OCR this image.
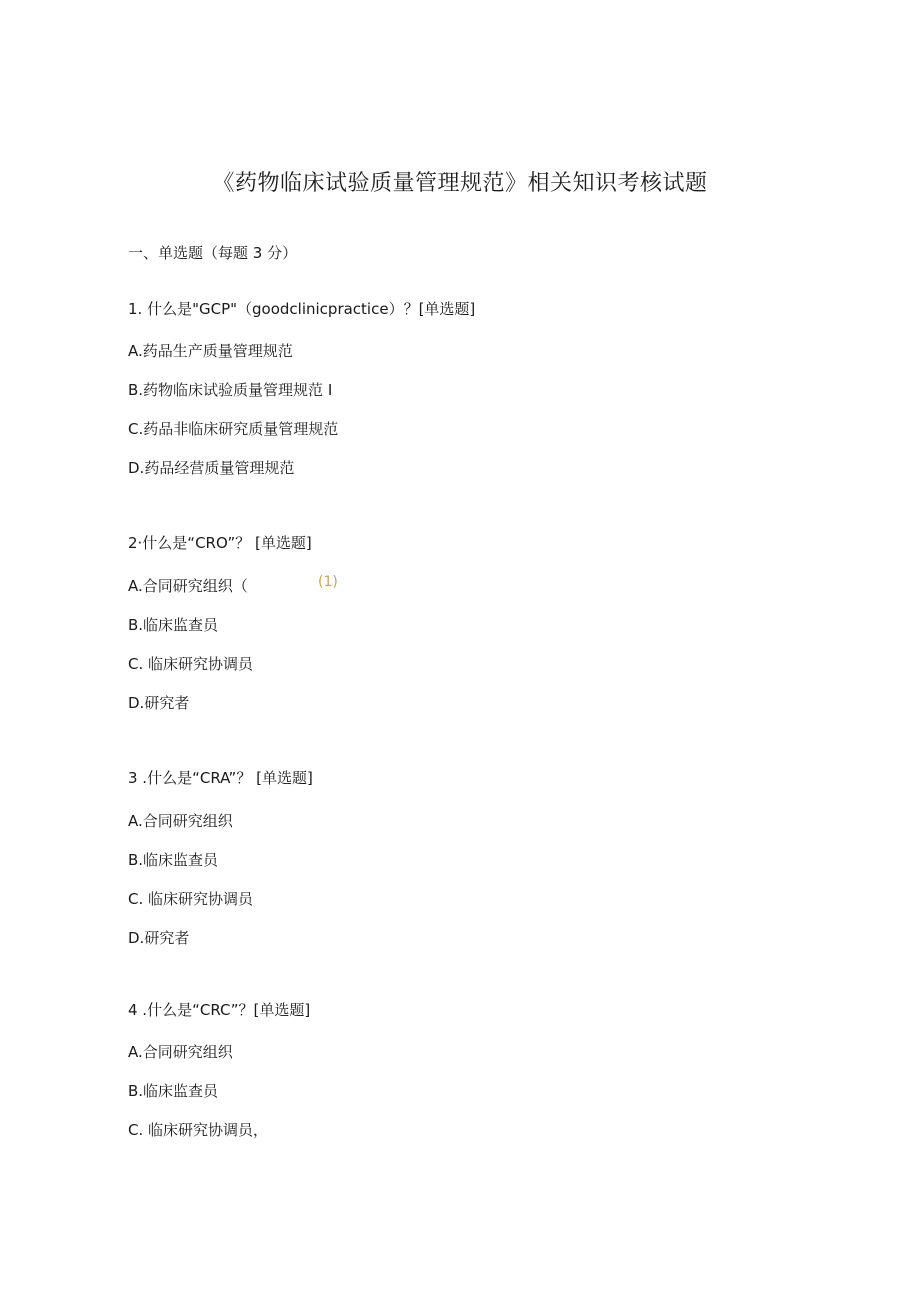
《药物临床试验质量管理规范》相关知识考核试题
一、单选题（每题 3 分）
1. 什么是"GCP"（goodclinicpractice）？[单选题]
A.药品生产质量管理规范
B.药物临床试验质量管理规范 I
C.药品非临床研究质量管理规范
D.药品经营质量管理规范
2·什么是“CRO”？ [单选题]
A.合同研究组织（	(1)
B.临床监查员
C. 临床研究协调员
D.研究者
3 .什么是“CRA”？ [单选题]
A.合同研究组织
B.临床监查员
C. 临床研究协调员
D.研究者
4 .什么是“CRC”？[单选题]
A.合同研究组织
B.临床监查员
C. 临床研究协调员，
